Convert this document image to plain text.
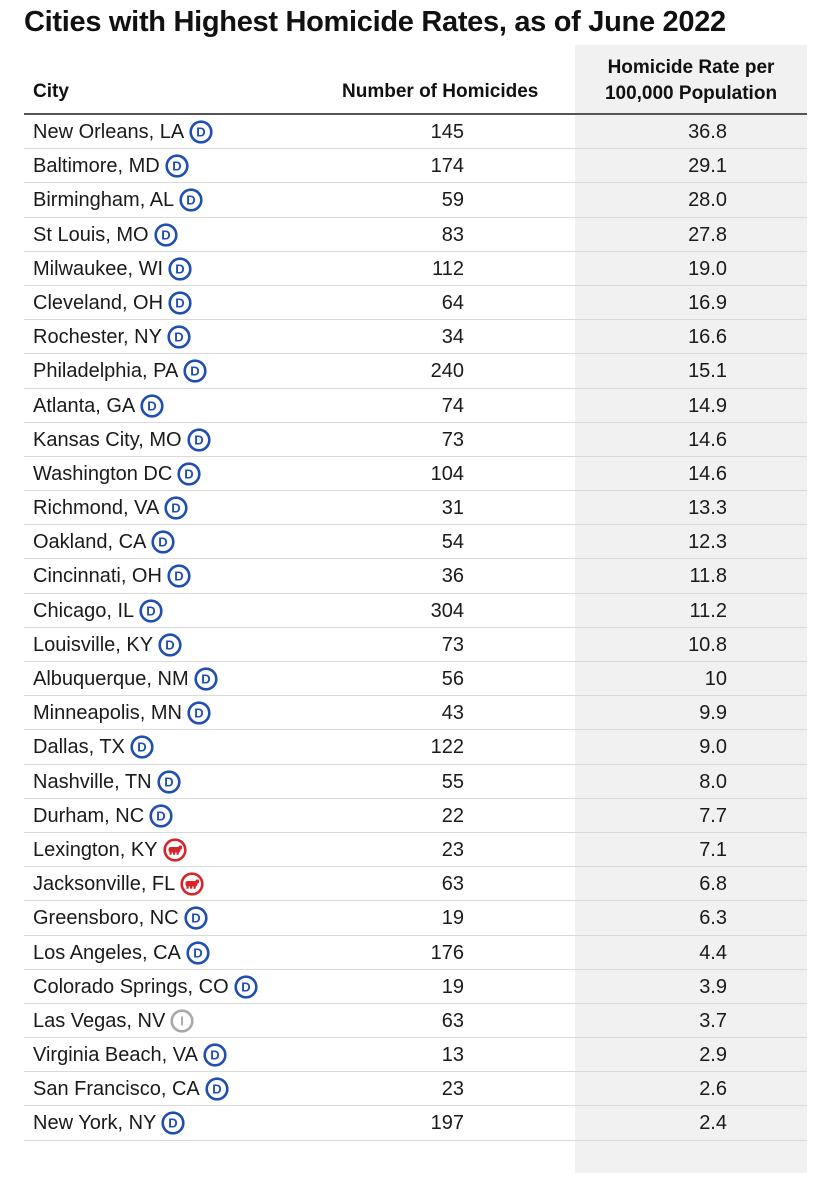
Cities with Highest Homicide Rates, as of June 2022
City	Number of Homicides
Homicide Rate per
100,000 Population
New Orleans, LA D	145	36.8
Baltimore, MD D	174	29.1
Birmingham, AL D	59	28.0
St Louis, MO D	83	27.8
Milwaukee, WI D	112	19.0
Cleveland, OH D	64	16.9
Rochester, NY D	34	16.6
Philadelphia, PA D	240	15.1
Atlanta, GA D	74	14.9
Kansas City, MO D	73	14.6
Washington DC D	104	14.6
Richmond, VA D	31	13.3
Oakland, CA D	54	12.3
Cincinnati, OH D	36	11.8
Chicago, IL D	304	11.2
Louisville, KY D	73	10.8
Albuquerque, NM D	56	10
Minneapolis, MN D	43	9.9
Dallas, TX D	122	9.0
Nashville, TN D	55	8.0
Durham, NC D	22	7.7
Lexington, KY	23	7.1
Jacksonville, FL	63	6.8
Greensboro, NC D	19	6.3
Los Angeles, CA D	176	4.4
Colorado Springs, CO D	19	3.9
Las Vegas, NV I	63	3.7
Virginia Beach, VA D	13	2.9
San Francisco, CA D	23	2.6
New York, NY D	197	2.4
